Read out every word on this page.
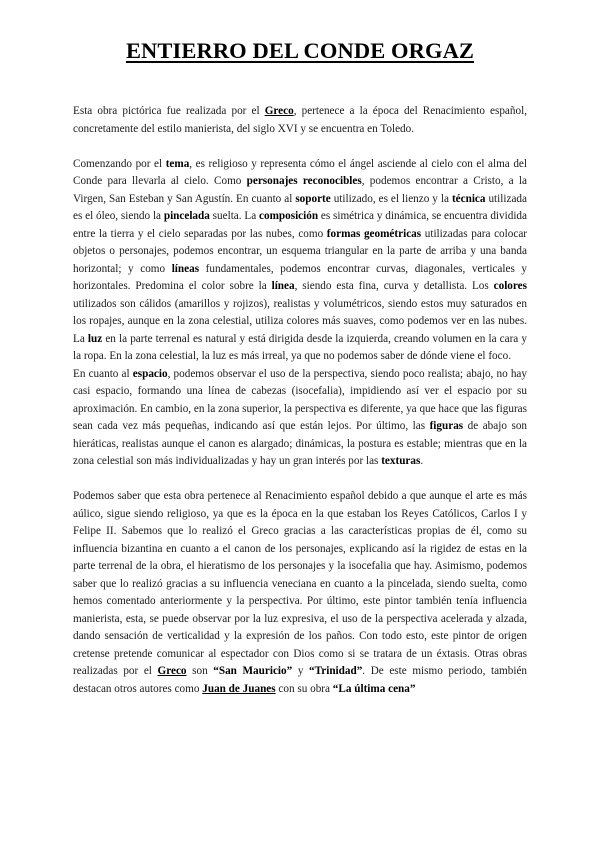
ENTIERRO DEL CONDE ORGAZ

Esta obra pictórica fue realizada por el Greco, pertenece a la época del Renacimiento español, concretamente del estilo manierista, del siglo XVI y se encuentra en Toledo.

Comenzando por el tema, es religioso y representa cómo el ángel asciende al cielo con el alma del Conde para llevarla al cielo. Como personajes reconocibles, podemos encontrar a Cristo, a la Virgen, San Esteban y San Agustín. En cuanto al soporte utilizado, es el lienzo y la técnica utilizada es el óleo, siendo la pincelada suelta. La composición es simétrica y dinámica, se encuentra dividida entre la tierra y el cielo separadas por las nubes, como formas geométricas utilizadas para colocar objetos o personajes, podemos encontrar, un esquema triangular en la parte de arriba y una banda horizontal; y como líneas fundamentales, podemos encontrar curvas, diagonales, verticales y horizontales. Predomina el color sobre la línea, siendo esta fina, curva y detallista. Los colores utilizados son cálidos (amarillos y rojizos), realistas y volumétricos, siendo estos muy saturados en los ropajes, aunque en la zona celestial, utiliza colores más suaves, como podemos ver en las nubes. La luz en la parte terrenal es natural y está dirigida desde la izquierda, creando volumen en la cara y la ropa. En la zona celestial, la luz es más irreal, ya que no podemos saber de dónde viene el foco.

En cuanto al espacio, podemos observar el uso de la perspectiva, siendo poco realista; abajo, no hay casi espacio, formando una línea de cabezas (isocefalia), impidiendo así ver el espacio por su aproximación. En cambio, en la zona superior, la perspectiva es diferente, ya que hace que las figuras sean cada vez más pequeñas, indicando así que están lejos. Por último, las figuras de abajo son hieráticas, realistas aunque el canon es alargado; dinámicas, la postura es estable; mientras que en la zona celestial son más individualizadas y hay un gran interés por las texturas.

Podemos saber que esta obra pertenece al Renacimiento español debido a que aunque el arte es más aúlico, sigue siendo religioso, ya que es la época en la que estaban los Reyes Católicos, Carlos I y Felipe II. Sabemos que lo realizó el Greco gracias a las características propias de él, como su influencia bizantina en cuanto a el canon de los personajes, explicando así la rigidez de estas en la parte terrenal de la obra, el hieratismo de los personajes y la isocefalia que hay. Asimismo, podemos saber que lo realizó gracias a su influencia veneciana en cuanto a la pincelada, siendo suelta, como hemos comentado anteriormente y la perspectiva. Por último, este pintor también tenía influencia manierista, esta, se puede observar por la luz expresiva, el uso de la perspectiva acelerada y alzada, dando sensación de verticalidad y la expresión de los paños. Con todo esto, este pintor de origen cretense pretende comunicar al espectador con Dios como si se tratara de un éxtasis. Otras obras realizadas por el Greco son “San Mauricio” y “Trinidad”. De este mismo periodo, también destacan otros autores como Juan de Juanes con su obra “La última cena”
